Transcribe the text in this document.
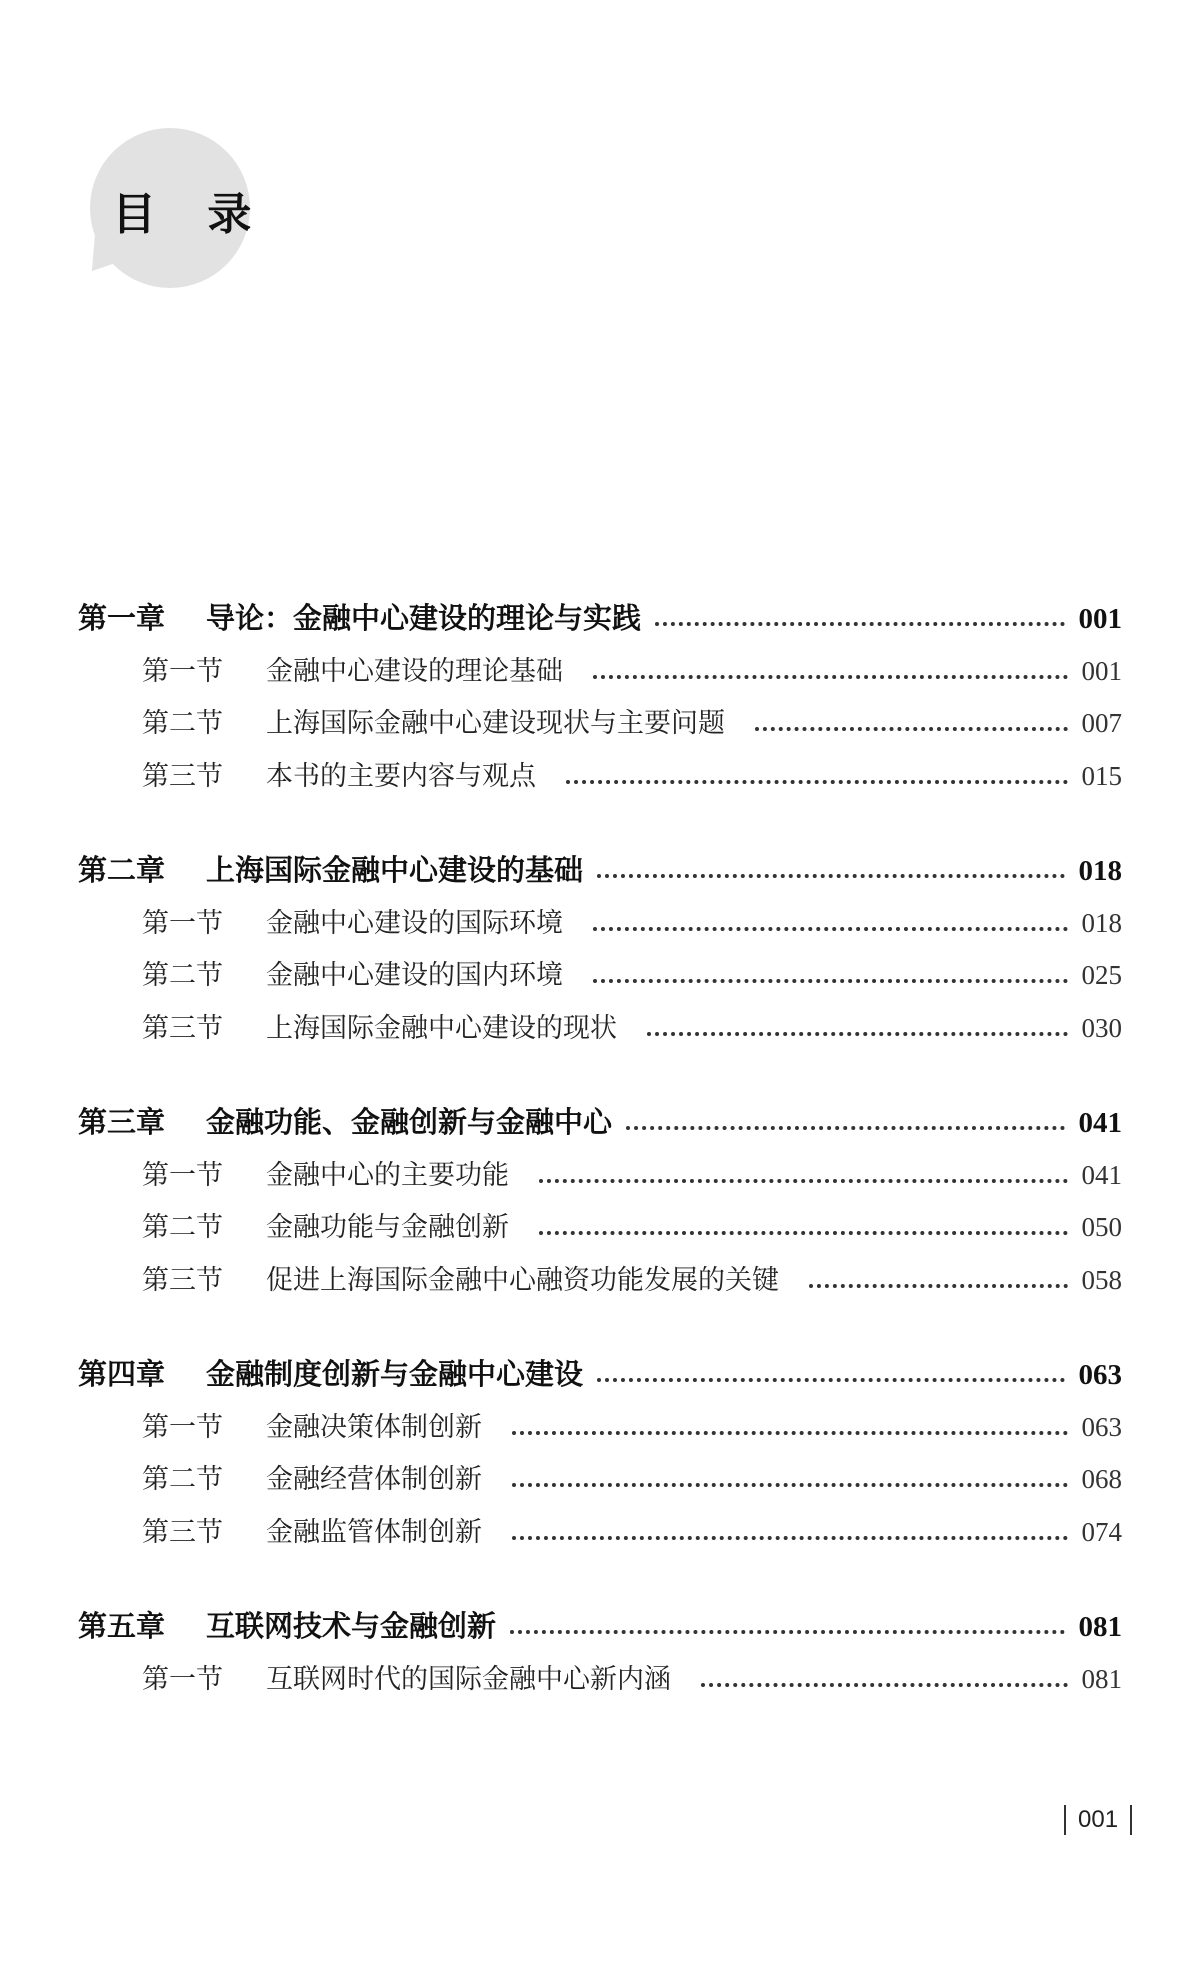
目 录
第一章	导论：金融中心建设的理论与实践	001
第一节	金融中心建设的理论基础	001
第二节	上海国际金融中心建设现状与主要问题	007
第三节	本书的主要内容与观点	015
第二章	上海国际金融中心建设的基础	018
第一节	金融中心建设的国际环境	018
第二节	金融中心建设的国内环境	025
第三节	上海国际金融中心建设的现状	030
第三章	金融功能、金融创新与金融中心	041
第一节	金融中心的主要功能	041
第二节	金融功能与金融创新	050
第三节	促进上海国际金融中心融资功能发展的关键	058
第四章	金融制度创新与金融中心建设	063
第一节	金融决策体制创新	063
第二节	金融经营体制创新	068
第三节	金融监管体制创新	074
第五章	互联网技术与金融创新	081
第一节	互联网时代的国际金融中心新内涵	081
001
